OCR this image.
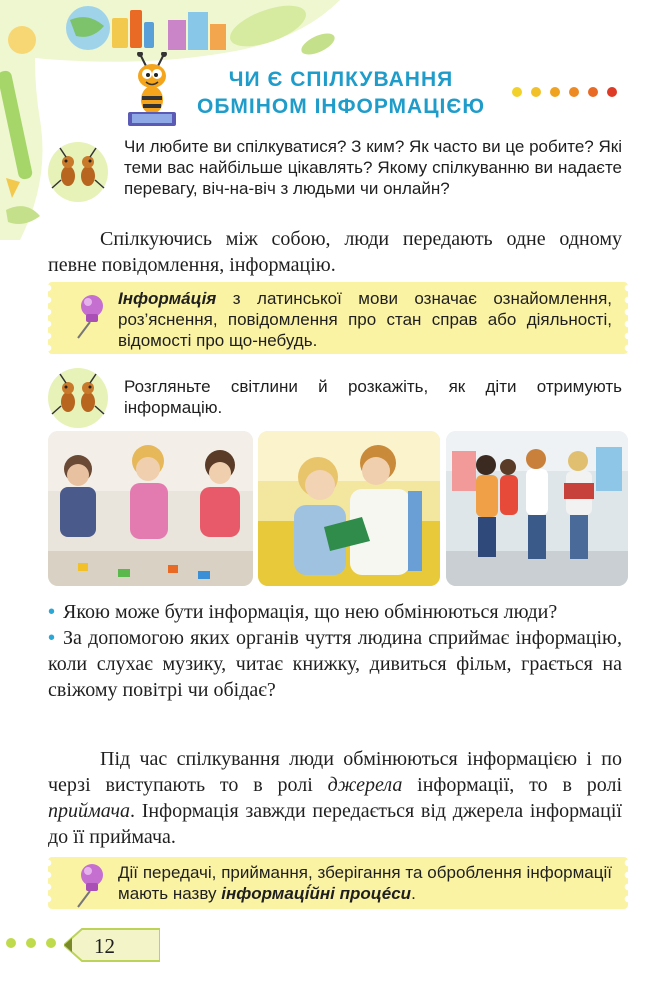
ЧИ Є СПІЛКУВАННЯ
ОБМІНОМ ІНФОРМАЦІЄЮ
Чи любите ви спілкуватися? З ким? Як часто ви це робите? Які теми вас найбільше цікавлять? Якому спілкуванню ви надаєте перевагу, віч-на-віч з людьми чи онлайн?
Спілкуючись між собою, люди передають одне одному певне повідомлення, інформацію.
Інформáція з латинської мови означає ознайомлення, роз’яснення, повідомлення про стан справ або діяльності, відомості про що-небудь.
Розгляньте світлини й розкажіть, як діти отримують інформацію.
• Якою може бути інформація, що нею обмінюються люди?
• За допомогою яких органів чуття людина сприймає інформацію, коли слухає музику, читає книжку, дивиться фільм, грається на свіжому повітрі чи обідає?
Під час спілкування люди обмінюються інформацією і по черзі виступають то в ролі джерела інформації, то в ролі приймача. Інформація завжди передається від джерела інформації до її приймача.
Дії передачі, приймання, зберігання та оброблення інформації мають назву інформаці́йні процéси.
12
